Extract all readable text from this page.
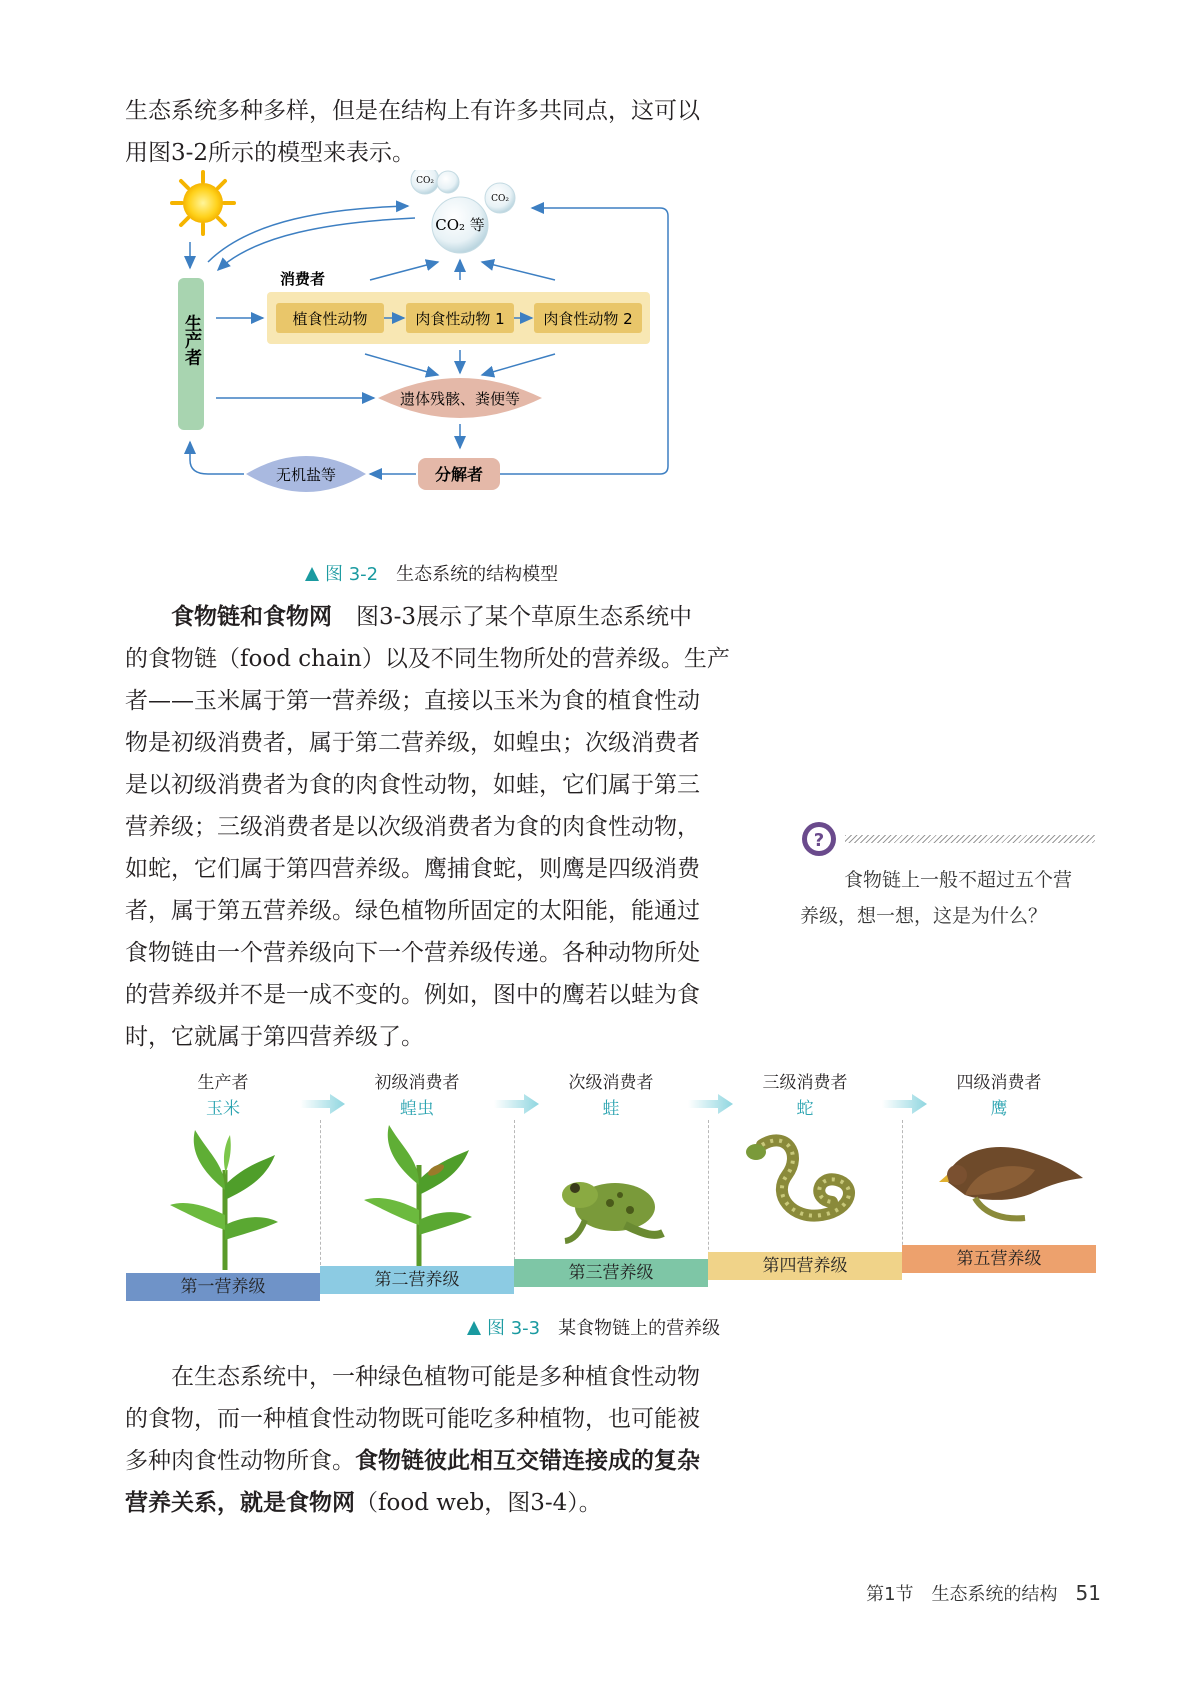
生态系统多种多样，但是在结构上有许多共同点，这可以

用图3-2所示的模型来表示。

CO₂
CO₂
CO₂ 等
生产者
消费者
植食性动物	肉食性动物 1	肉食性动物 2
遗体残骸、粪便等
分解者
无机盐等
图 3-2 生态系统的结构模型
食物链和食物网 图3-3展示了某个草原生态系统中
的食物链（food chain）以及不同生物所处的营养级。生产
者——玉米属于第一营养级；直接以玉米为食的植食性动
物是初级消费者，属于第二营养级，如蝗虫；次级消费者
是以初级消费者为食的肉食性动物，如蛙，它们属于第三
营养级；三级消费者是以次级消费者为食的肉食性动物，
如蛇，它们属于第四营养级。鹰捕食蛇，则鹰是四级消费
者，属于第五营养级。绿色植物所固定的太阳能，能通过
食物链由一个营养级向下一个营养级传递。各种动物所处
的营养级并不是一成不变的。例如，图中的鹰若以蛙为食
时，它就属于第四营养级了。
?

食物链上一般不超过五个营

养级，想一想，这是为什么？

生产者
玉米
初级消费者
蝗虫
次级消费者
蛙
三级消费者
蛇
四级消费者
鹰
第一营养级	第二营养级	第三营养级	第四营养级	第五营养级
图 3-3 某食物链上的营养级
在生态系统中，一种绿色植物可能是多种植食性动物
的食物，而一种植食性动物既可能吃多种植物，也可能被
多种肉食性动物所食。食物链彼此相互交错连接成的复杂
营养关系，就是食物网（food web，图3-4）。
第1节　生态系统的结构 51
